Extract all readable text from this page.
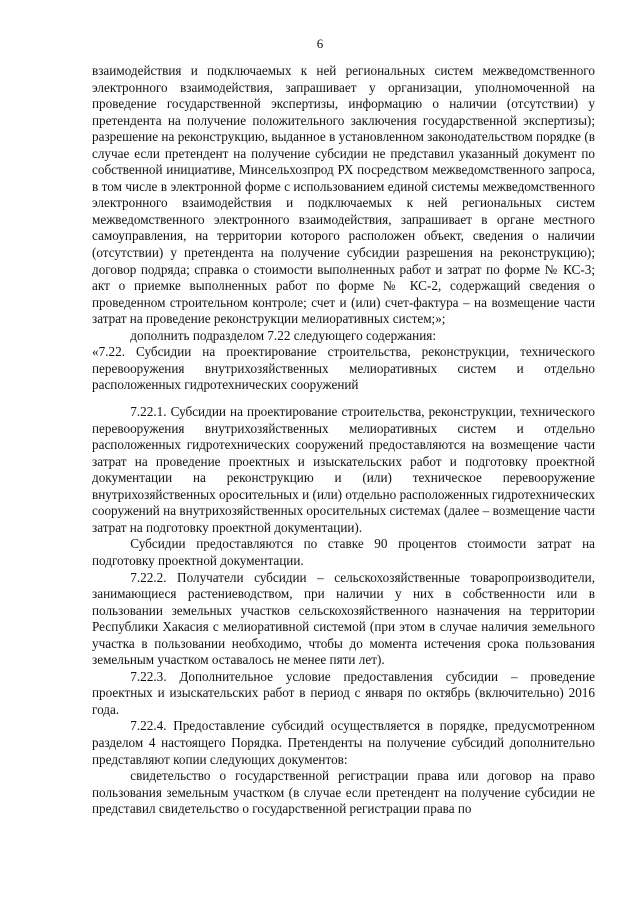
6

взаимодействия и подключаемых к ней региональных систем межведомственного электронного взаимодействия, запрашивает у организации, уполномоченной на проведение государственной экспертизы, информацию о наличии (отсутствии) у претендента на получение положительного заключения государственной экспертизы); разрешение на реконструкцию, выданное в установленном законодательством порядке (в случае если претендент на получение субсидии не представил указанный документ по собственной инициативе, Минсельхозпрод РХ посредством межведомственного запроса, в том числе в электронной форме с использованием единой системы межведомственного электронного взаимодействия и подключаемых к ней региональных систем межведомственного электронного взаимодействия, запрашивает в органе местного самоуправления, на территории которого расположен объект, сведения о наличии (отсутствии) у претендента на получение субсидии разрешения на реконструкцию); договор подряда; справка о стоимости выполненных работ и затрат по форме № КС-3; акт о приемке выполненных работ по форме № КС-2, содержащий сведения о проведенном строительном контроле; счет и (или) счет-фактура – на возмещение части затрат на проведение реконструкции мелиоративных систем;»;

дополнить подразделом 7.22 следующего содержания:

«7.22. Субсидии на проектирование строительства, реконструкции, технического перевооружения внутрихозяйственных мелиоративных систем и отдельно расположенных гидротехнических сооружений

7.22.1. Субсидии на проектирование строительства, реконструкции, технического перевооружения внутрихозяйственных мелиоративных систем и отдельно расположенных гидротехнических сооружений предоставляются на возмещение части затрат на проведение проектных и изыскательских работ и подготовку проектной документации на реконструкцию и (или) техническое перевооружение внутрихозяйственных оросительных и (или) отдельно расположенных гидротехнических сооружений на внутрихозяйственных оросительных системах (далее – возмещение части затрат на подготовку проектной документации).

Субсидии предоставляются по ставке 90 процентов стоимости затрат на подготовку проектной документации.

7.22.2. Получатели субсидии – сельскохозяйственные товаропроизводители, занимающиеся растениеводством, при наличии у них в собственности или в пользовании земельных участков сельскохозяйственного назначения на территории Республики Хакасия с мелиоративной системой (при этом в случае наличия земельного участка в пользовании необходимо, чтобы до момента истечения срока пользования земельным участком оставалось не менее пяти лет).

7.22.3. Дополнительное условие предоставления субсидии – проведение проектных и изыскательских работ в период с января по октябрь (включительно) 2016 года.

7.22.4. Предоставление субсидий осуществляется в порядке, предусмотренном разделом 4 настоящего Порядка. Претенденты на получение субсидий дополнительно представляют копии следующих документов:

свидетельство о государственной регистрации права или договор на право пользования земельным участком (в случае если претендент на получение субсидии не представил свидетельство о государственной регистрации права по
